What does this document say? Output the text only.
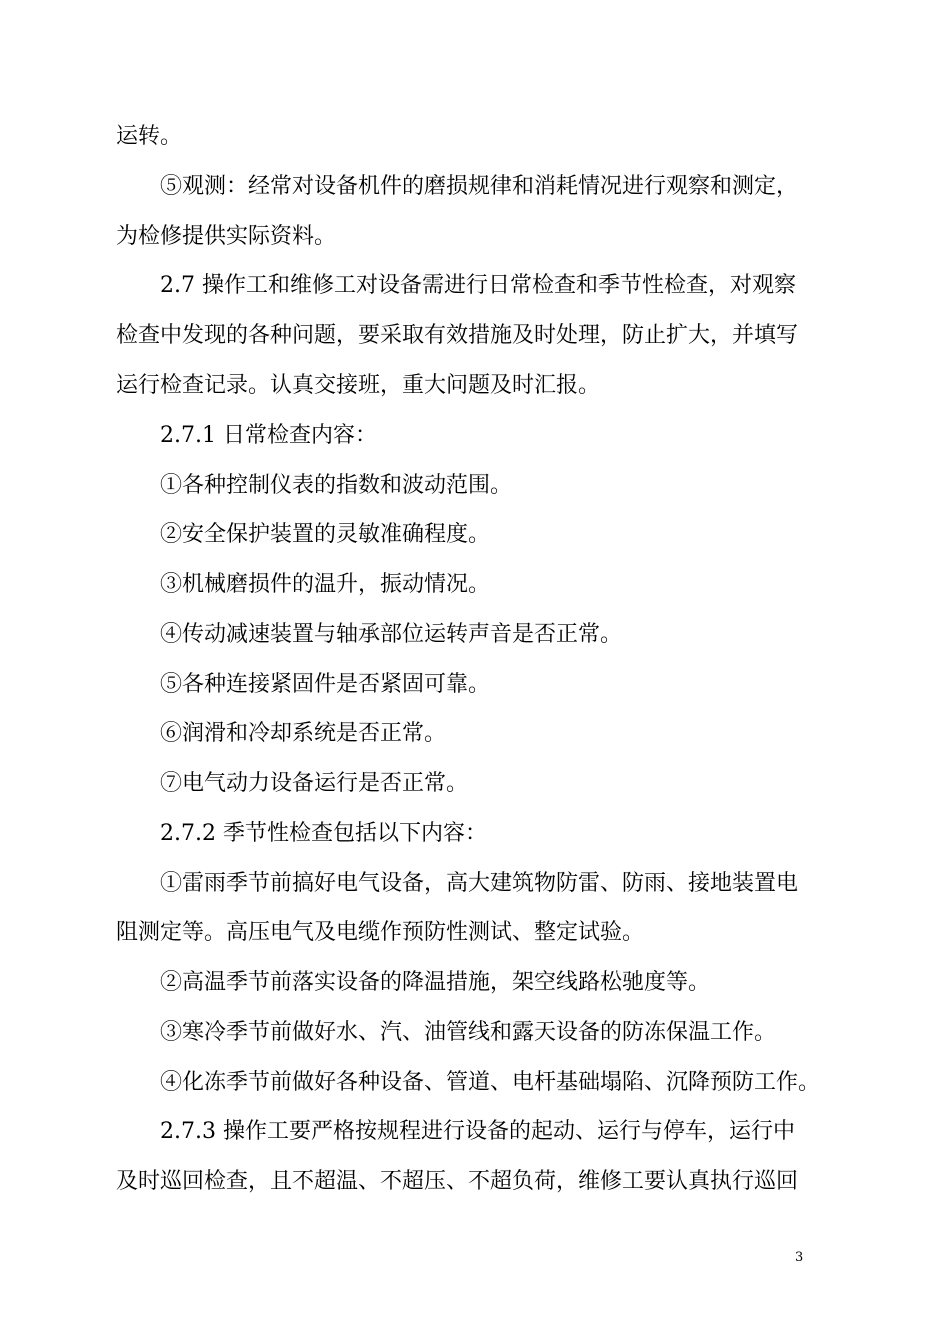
运转。
⑤观测：经常对设备机件的磨损规律和消耗情况进行观察和测定，
为检修提供实际资料。
2.7 操作工和维修工对设备需进行日常检查和季节性检查，对观察
检查中发现的各种问题，要采取有效措施及时处理，防止扩大，并填写
运行检查记录。认真交接班，重大问题及时汇报。
2.7.1 日常检查内容：
①各种控制仪表的指数和波动范围。
②安全保护装置的灵敏准确程度。
③机械磨损件的温升，振动情况。
④传动减速装置与轴承部位运转声音是否正常。
⑤各种连接紧固件是否紧固可靠。
⑥润滑和冷却系统是否正常。
⑦电气动力设备运行是否正常。
2.7.2 季节性检查包括以下内容：
①雷雨季节前搞好电气设备，高大建筑物防雷、防雨、接地装置电
阻测定等。高压电气及电缆作预防性测试、整定试验。
②高温季节前落实设备的降温措施，架空线路松驰度等。
③寒冷季节前做好水、汽、油管线和露天设备的防冻保温工作。
④化冻季节前做好各种设备、管道、电杆基础塌陷、沉降预防工作。
2.7.3 操作工要严格按规程进行设备的起动、运行与停车，运行中
及时巡回检查，且不超温、不超压、不超负荷，维修工要认真执行巡回
3
